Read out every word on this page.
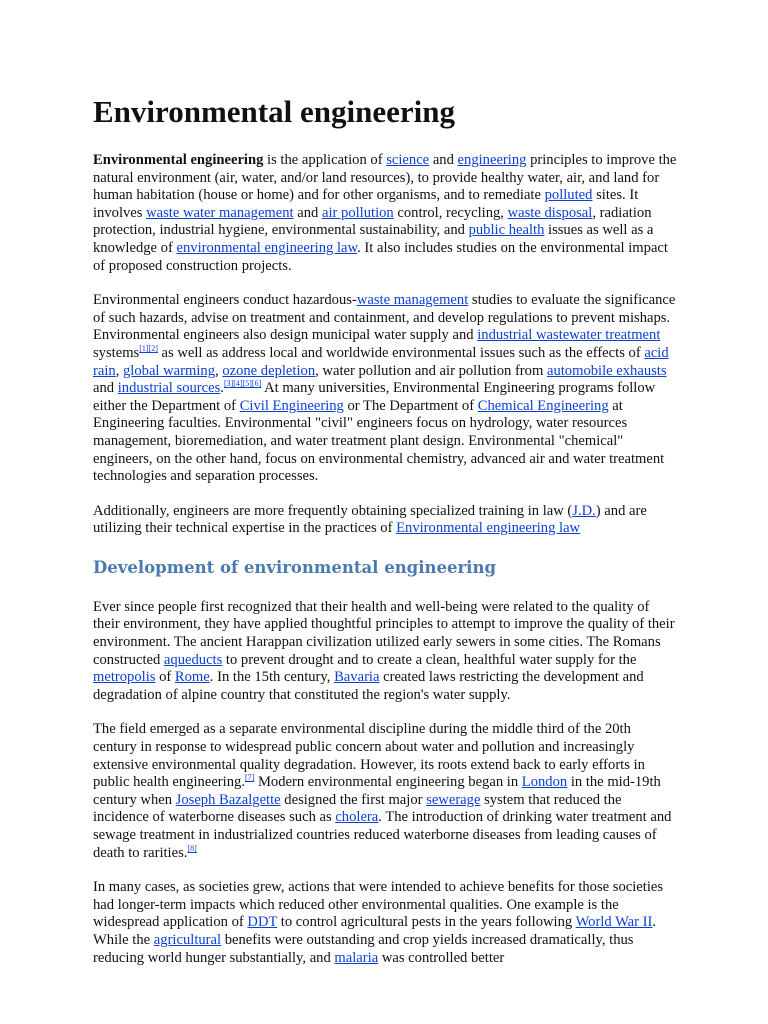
Environmental engineering

Environmental engineering is the application of science and engineering principles to improve the natural environment (air, water, and/or land resources), to provide healthy water, air, and land for human habitation (house or home) and for other organisms, and to remediate polluted sites. It involves waste water management and air pollution control, recycling, waste disposal, radiation protection, industrial hygiene, environmental sustainability, and public health issues as well as a knowledge of environmental engineering law. It also includes studies on the environmental impact of proposed construction projects.

Environmental engineers conduct hazardous-waste management studies to evaluate the significance of such hazards, advise on treatment and containment, and develop regulations to prevent mishaps. Environmental engineers also design municipal water supply and industrial wastewater treatment systems[1][2] as well as address local and worldwide environmental issues such as the effects of acid rain, global warming, ozone depletion, water pollution and air pollution from automobile exhausts and industrial sources.[3][4][5][6] At many universities, Environmental Engineering programs follow either the Department of Civil Engineering or The Department of Chemical Engineering at Engineering faculties. Environmental "civil" engineers focus on hydrology, water resources management, bioremediation, and water treatment plant design. Environmental "chemical" engineers, on the other hand, focus on environmental chemistry, advanced air and water treatment technologies and separation processes.

Additionally, engineers are more frequently obtaining specialized training in law (J.D.) and are utilizing their technical expertise in the practices of Environmental engineering law

Development of environmental engineering

Ever since people first recognized that their health and well-being were related to the quality of their environment, they have applied thoughtful principles to attempt to improve the quality of their environment. The ancient Harappan civilization utilized early sewers in some cities. The Romans constructed aqueducts to prevent drought and to create a clean, healthful water supply for the metropolis of Rome. In the 15th century, Bavaria created laws restricting the development and degradation of alpine country that constituted the region's water supply.

The field emerged as a separate environmental discipline during the middle third of the 20th century in response to widespread public concern about water and pollution and increasingly extensive environmental quality degradation. However, its roots extend back to early efforts in public health engineering.[7] Modern environmental engineering began in London in the mid-19th century when Joseph Bazalgette designed the first major sewerage system that reduced the incidence of waterborne diseases such as cholera. The introduction of drinking water treatment and sewage treatment in industrialized countries reduced waterborne diseases from leading causes of death to rarities.[8]

In many cases, as societies grew, actions that were intended to achieve benefits for those societies had longer-term impacts which reduced other environmental qualities. One example is the widespread application of DDT to control agricultural pests in the years following World War II. While the agricultural benefits were outstanding and crop yields increased dramatically, thus reducing world hunger substantially, and malaria was controlled better
